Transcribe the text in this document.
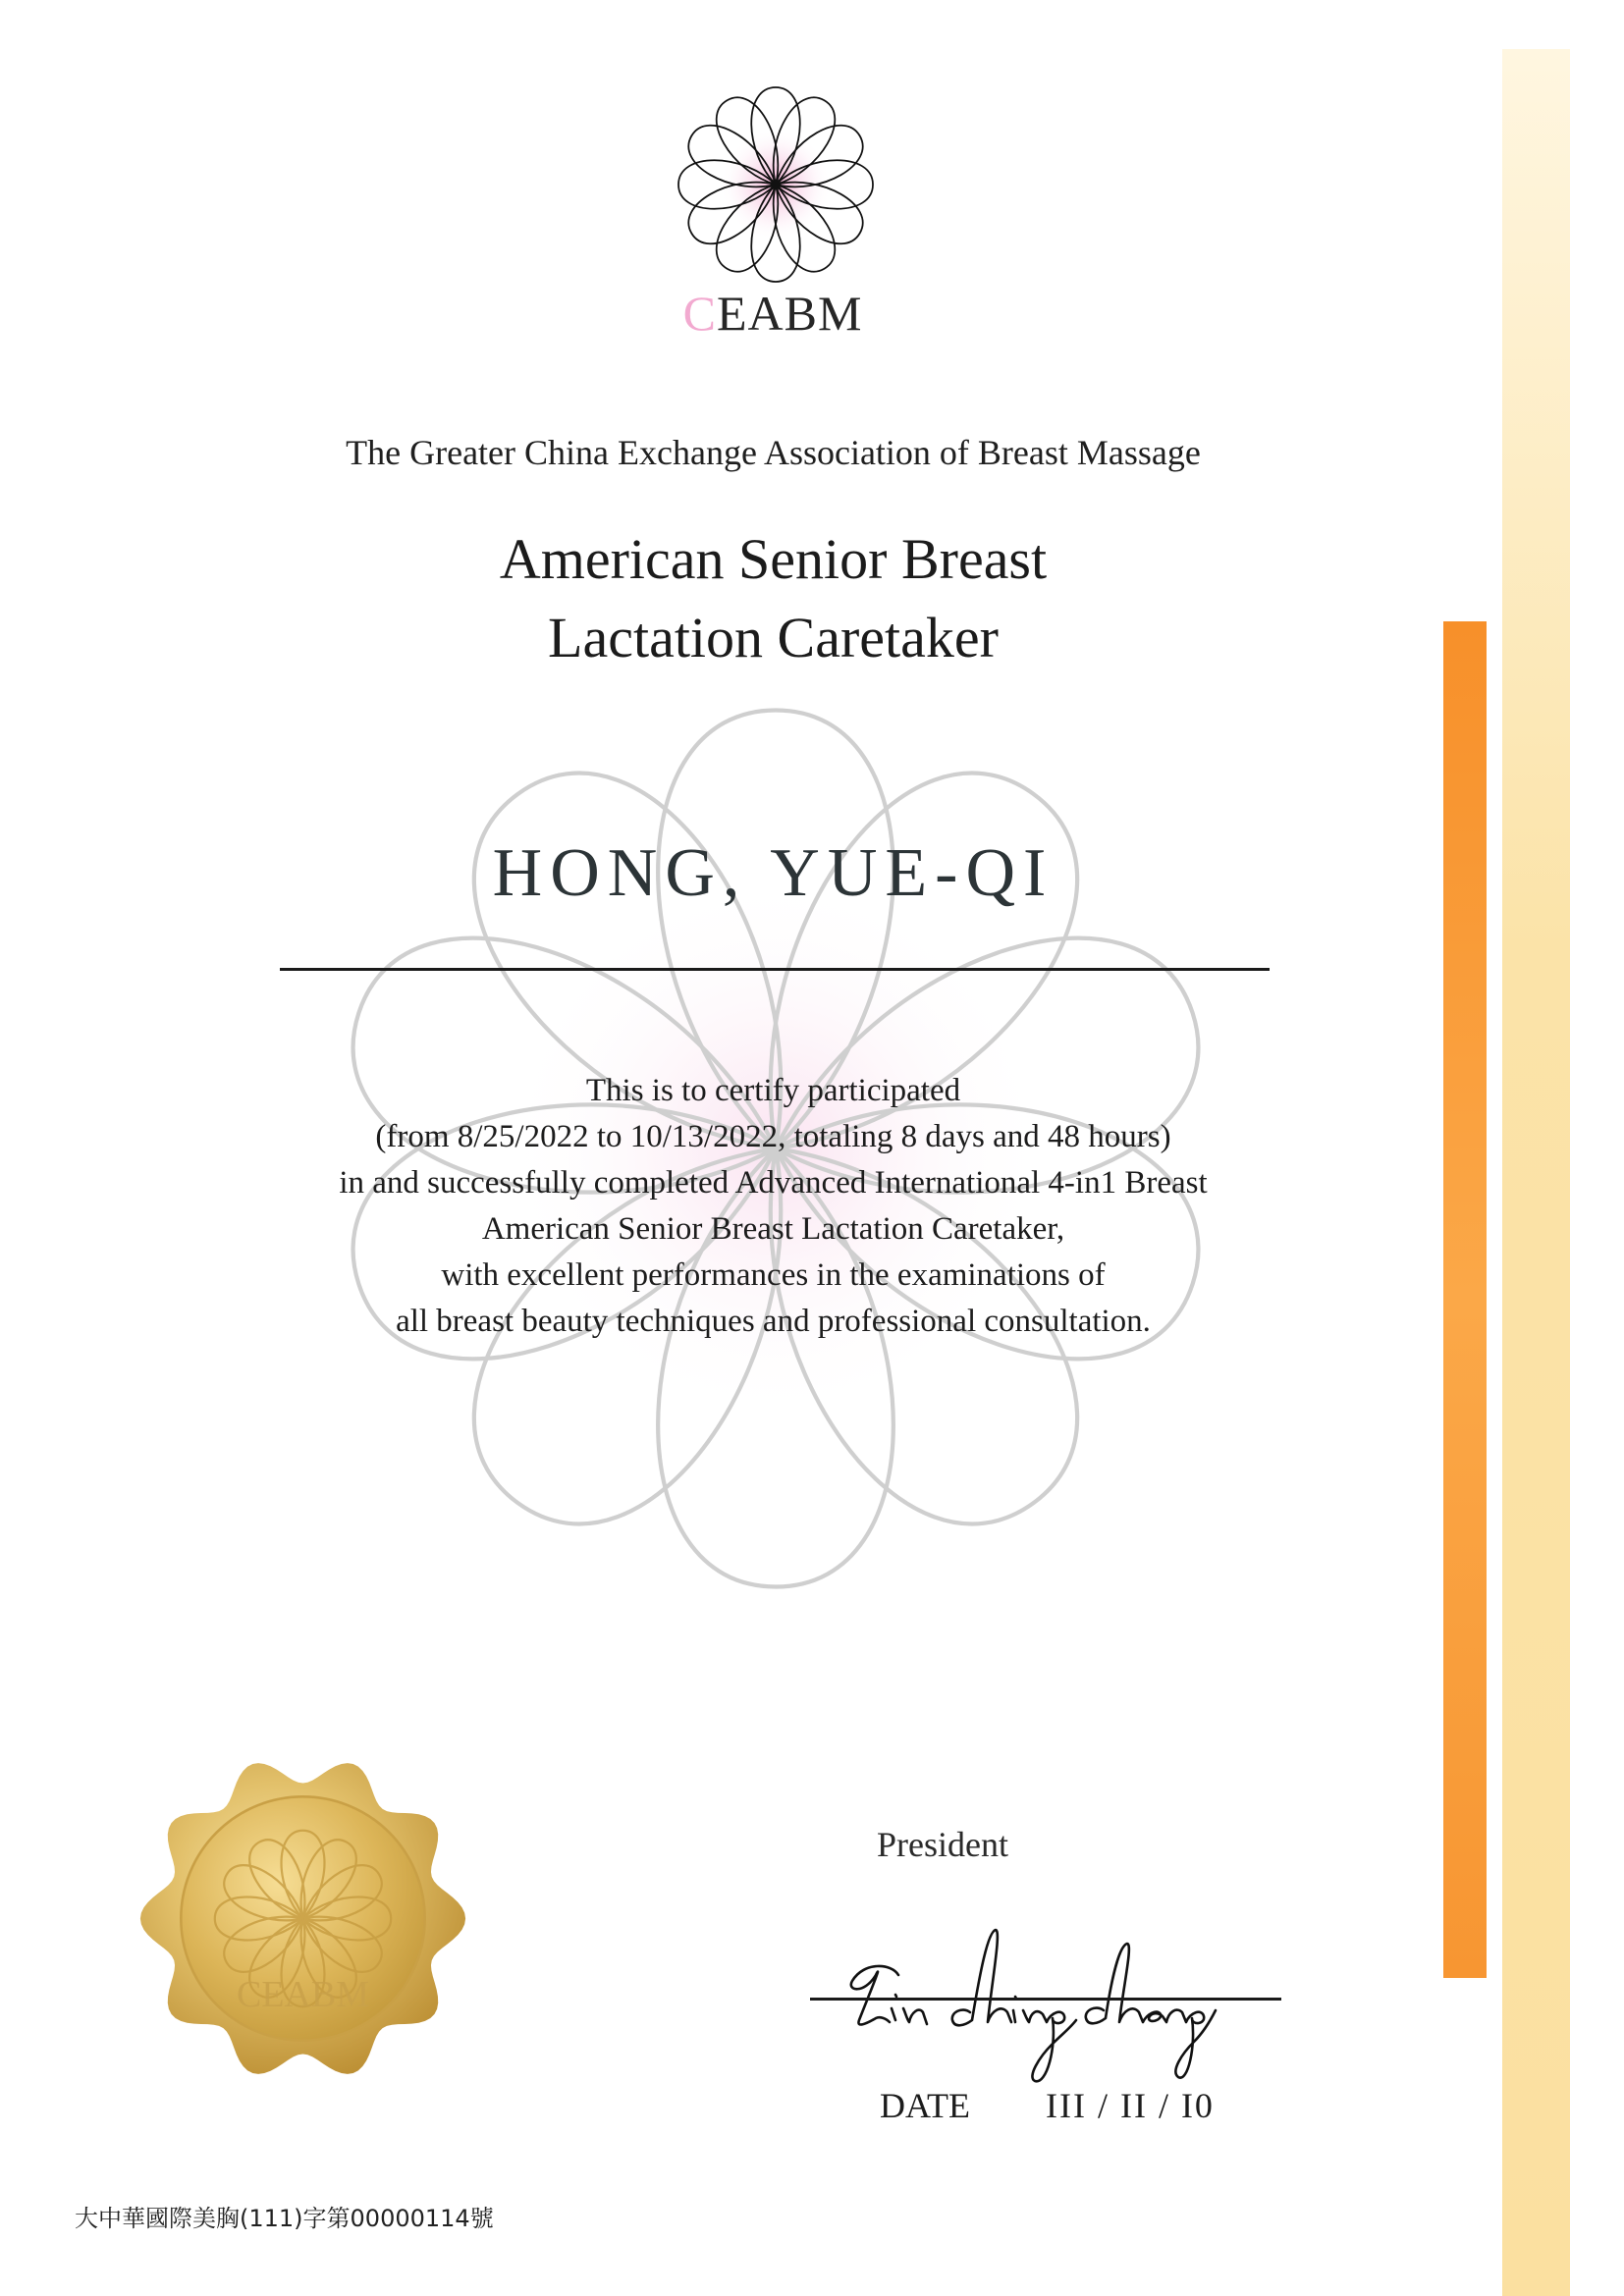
CEABM
The Greater China Exchange Association of Breast Massage
American Senior Breast
Lactation Caretaker
HONG, YUE-QI
This is to certify participated
(from 8/25/2022 to 10/13/2022, totaling 8 days and 48 hours)
in and successfully completed Advanced International 4-in1 Breast
American Senior Breast Lactation Caretaker,
with excellent performances in the examinations of
all breast beauty techniques and professional consultation.
CEABM
President
DATE III / II / I0
大中華國際美胸(111)字第00000114號
